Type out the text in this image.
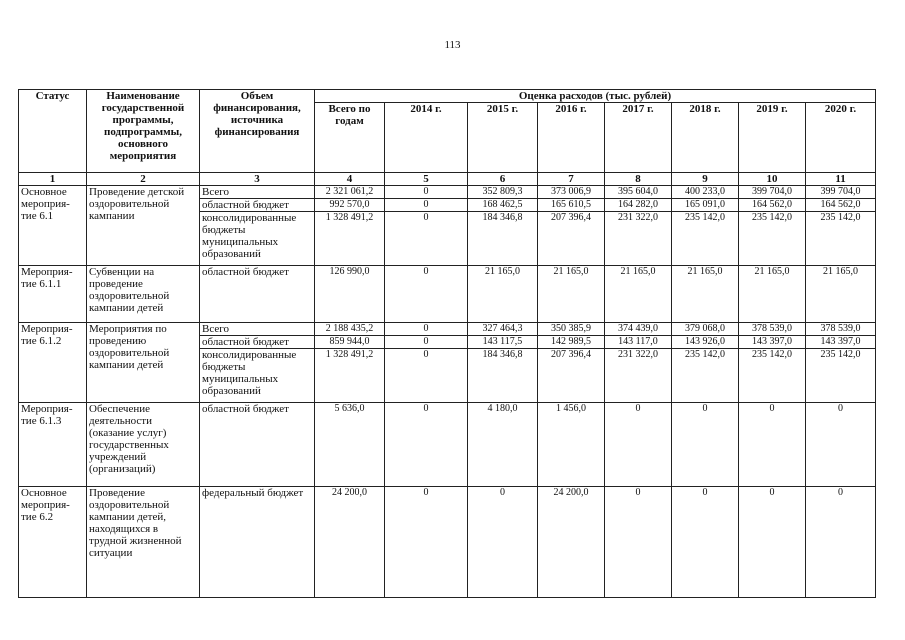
113
Статус	Наименование государственной программы, подпрограммы, основного мероприятия	Объем финансирования, источника финансирования	Оценка расходов (тыс. рублей)							
			Всего по годам	2014 г.	2015 г.	2016 г.	2017 г.	2018 г.	2019 г.	2020 г.
1	2	3	4	5	6	7	8	9	10	11
Основное мероприя-тие 6.1	Проведение детской оздоровительной кампании	Всего	2 321 061,2	0	352 809,3	373 006,9	395 604,0	400 233,0	399 704,0	399 704,0
		областной бюджет	992 570,0	0	168 462,5	165 610,5	164 282,0	165 091,0	164 562,0	164 562,0
		консолидированные бюджеты муниципальных образований	1 328 491,2	0	184 346,8	207 396,4	231 322,0	235 142,0	235 142,0	235 142,0
Мероприя-тие 6.1.1	Субвенции на проведение оздоровительной кампании детей	областной бюджет	126 990,0	0	21 165,0	21 165,0	21 165,0	21 165,0	21 165,0	21 165,0
Мероприя-тие 6.1.2	Мероприятия по проведению оздоровительной кампании детей	Всего	2 188 435,2	0	327 464,3	350 385,9	374 439,0	379 068,0	378 539,0	378 539,0
		областной бюджет	859 944,0	0	143 117,5	142 989,5	143 117,0	143 926,0	143 397,0	143 397,0
		консолидированные бюджеты муниципальных образований	1 328 491,2	0	184 346,8	207 396,4	231 322,0	235 142,0	235 142,0	235 142,0
Мероприя-тие 6.1.3	Обеспечение деятельности (оказание услуг) государственных учреждений (организаций)	областной бюджет	5 636,0	0	4 180,0	1 456,0	0	0	0	0
Основное мероприя-тие 6.2	Проведение оздоровительной кампании детей, находящихся в трудной жизненной ситуации	федеральный бюджет	24 200,0	0	0	24 200,0	0	0	0	0
